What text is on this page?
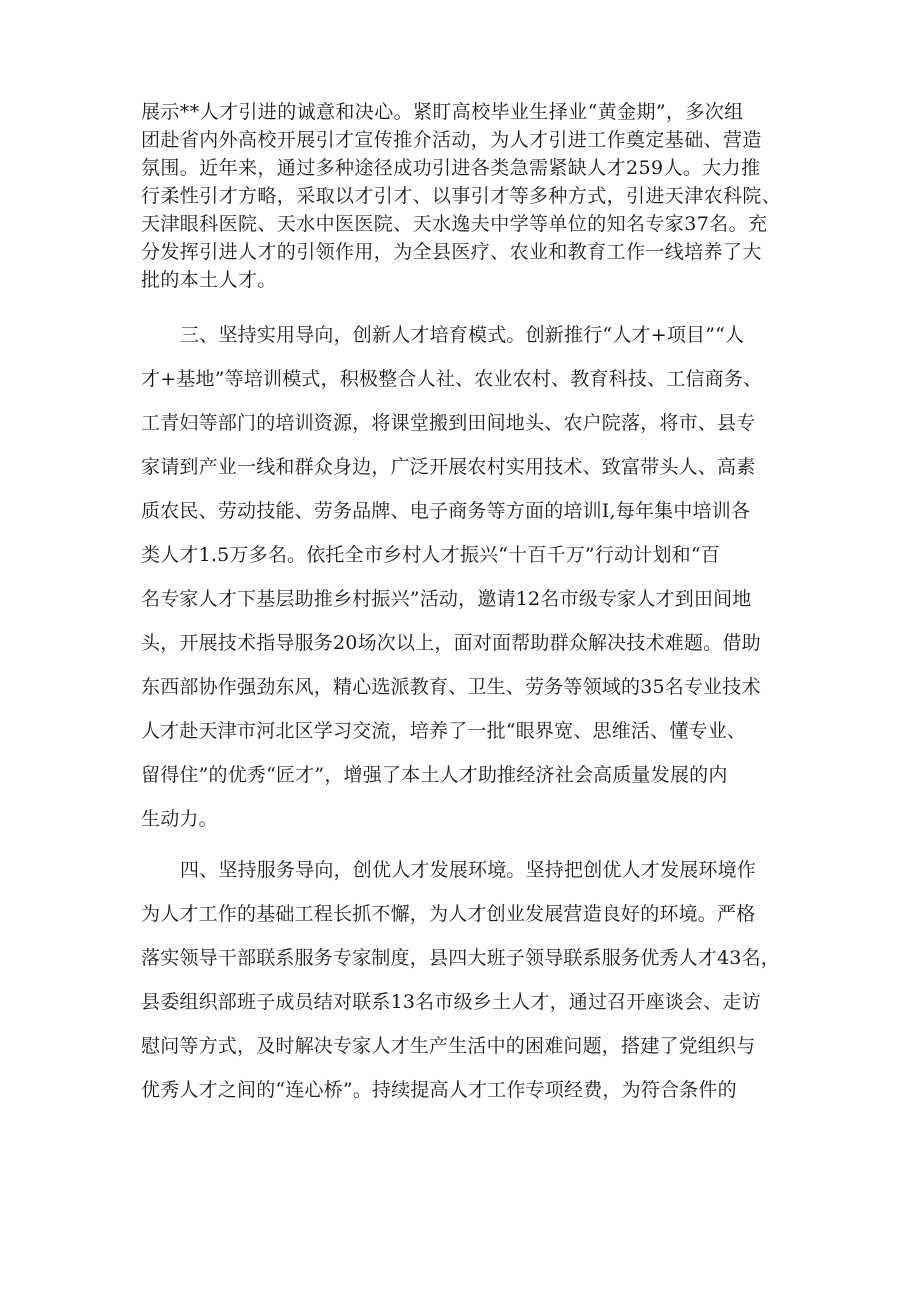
展示**人才引进的诚意和决心。紧盯高校毕业生择业“黄金期”，多次组
团赴省内外高校开展引才宣传推介活动，为人才引进工作奠定基础、营造
氛围。近年来，通过多种途径成功引进各类急需紧缺人才259人。大力推
行柔性引才方略，采取以才引才、以事引才等多种方式，引进天津农科院、
天津眼科医院、天水中医医院、天水逸夫中学等单位的知名专家37名。充
分发挥引进人才的引领作用，为全县医疗、农业和教育工作一线培养了大
批的本土人才。
三、坚持实用导向，创新人才培育模式。创新推行“人才+项目”“人
才+基地”等培训模式，积极整合人社、农业农村、教育科技、工信商务、
工青妇等部门的培训资源，将课堂搬到田间地头、农户院落，将市、县专
家请到产业一线和群众身边，广泛开展农村实用技术、致富带头人、高素
质农民、劳动技能、劳务品牌、电子商务等方面的培训I,每年集中培训各
类人才1.5万多名。依托全市乡村人才振兴“十百千万”行动计划和“百
名专家人才下基层助推乡村振兴”活动，邀请12名市级专家人才到田间地
头，开展技术指导服务20场次以上，面对面帮助群众解决技术难题。借助
东西部协作强劲东风，精心选派教育、卫生、劳务等领域的35名专业技术
人才赴天津市河北区学习交流，培养了一批“眼界宽、思维活、懂专业、
留得住”的优秀“匠才”，增强了本土人才助推经济社会高质量发展的内
生动力。
四、坚持服务导向，创优人才发展环境。坚持把创优人才发展环境作
为人才工作的基础工程长抓不懈，为人才创业发展营造良好的环境。严格
落实领导干部联系服务专家制度，县四大班子领导联系服务优秀人才43名，
县委组织部班子成员结对联系13名市级乡土人才，通过召开座谈会、走访
慰问等方式，及时解决专家人才生产生活中的困难问题，搭建了党组织与
优秀人才之间的“连心桥”。持续提高人才工作专项经费，为符合条件的
